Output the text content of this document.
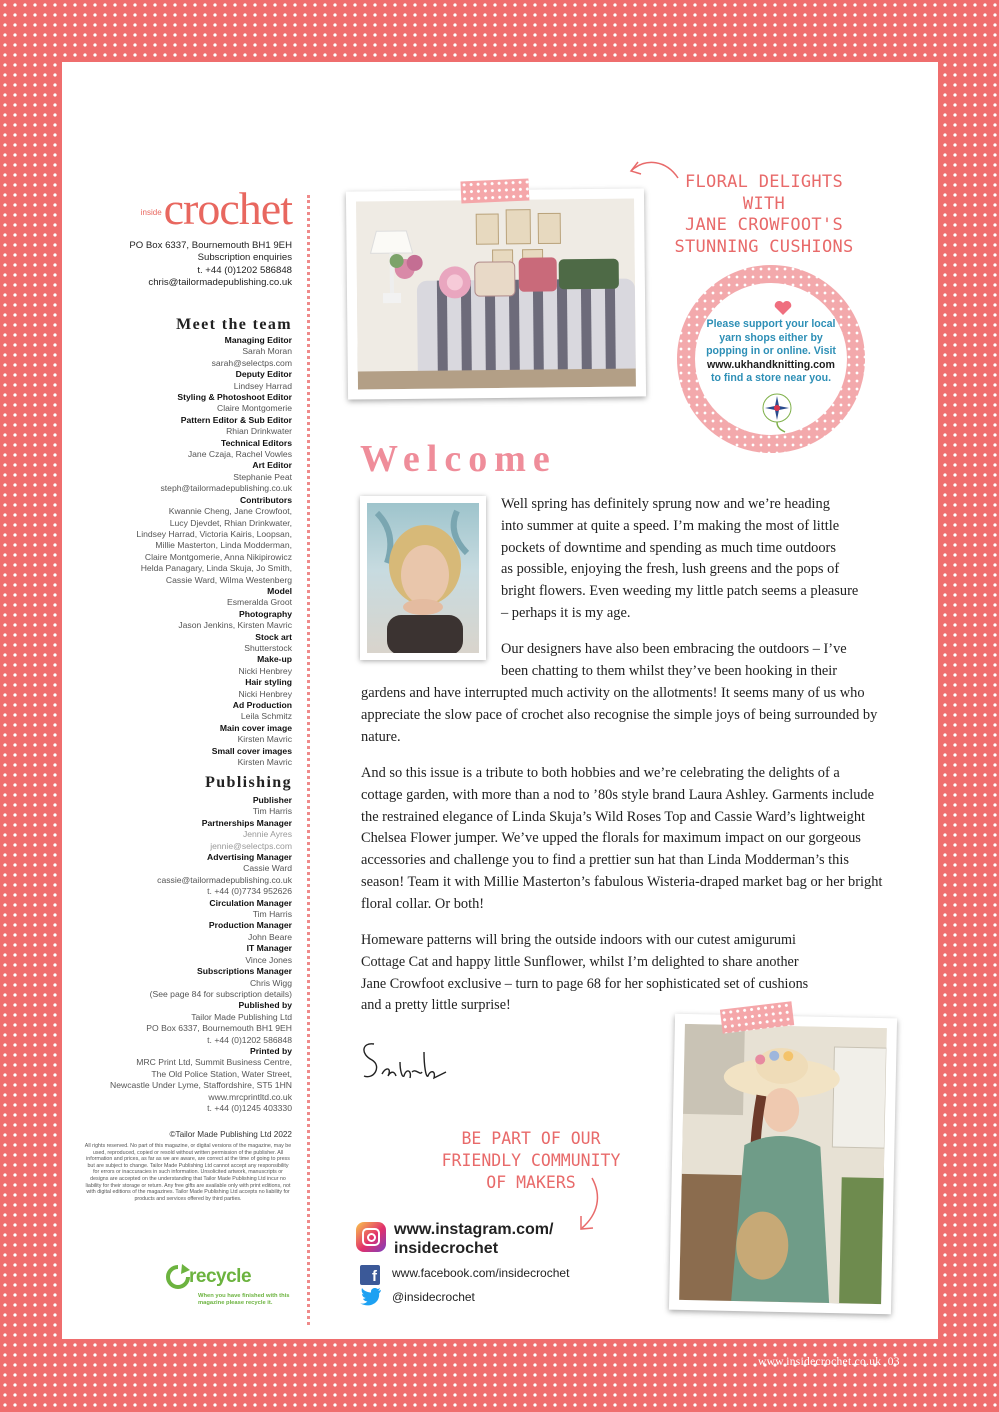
insidecrochet
PO Box 6337, Bournemouth BH1 9EH
Subscription enquiries
t. +44 (0)1202 586848
chris@tailormadepublishing.co.uk
Meet the team
Managing Editor
Sarah Moran
sarah@selectps.com
Deputy Editor
Lindsey Harrad
Styling & Photoshoot Editor
Claire Montgomerie
Pattern Editor & Sub Editor
Rhian Drinkwater
Technical Editors
Jane Czaja, Rachel Vowles
Art Editor
Stephanie Peat
steph@tailormadepublishing.co.uk
Contributors
Kwannie Cheng, Jane Crowfoot,
Lucy Djevdet, Rhian Drinkwater,
Lindsey Harrad, Victoria Kairis, Loopsan,
Millie Masterton, Linda Modderman,
Claire Montgomerie, Anna Nikipirowicz
Helda Panagary, Linda Skuja, Jo Smith,
Cassie Ward, Wilma Westenberg
Model
Esmeralda Groot
Photography
Jason Jenkins, Kirsten Mavric
Stock art
Shutterstock
Make-up
Nicki Henbrey
Hair styling
Nicki Henbrey
Ad Production
Leila Schmitz
Main cover image
Kirsten Mavric
Small cover images
Kirsten Mavric
Publishing
Publisher
Tim Harris
Partnerships Manager
Jennie Ayres
jennie@selectps.com
Advertising Manager
Cassie Ward
cassie@tailormadepublishing.co.uk
t. +44 (0)7734 952626
Circulation Manager
Tim Harris
Production Manager
John Beare
IT Manager
Vince Jones
Subscriptions Manager
Chris Wigg
(See page 84 for subscription details)
Published by
Tailor Made Publishing Ltd
PO Box 6337, Bournemouth BH1 9EH
t. +44 (0)1202 586848
Printed by
MRC Print Ltd, Summit Business Centre,
The Old Police Station, Water Street,
Newcastle Under Lyme, Staffordshire, ST5 1HN
www.mrcprintltd.co.uk
t. +44 (0)1245 403330
©Tailor Made Publishing Ltd 2022
All rights reserved. No part of this magazine, or digital versions of the magazine, may be used, reproduced, copied or resold without written permission of the publisher. All information and prices, as far as we are aware, are correct at the time of going to press but are subject to change. Tailor Made Publishing Ltd cannot accept any responsibility for errors or inaccuracies in such information. Unsolicited artwork, manuscripts or designs are accepted on the understanding that Tailor Made Publishing Ltd incur no liability for their storage or return. Any free gifts are available only with print editions, not with digital editions of the magazines. Tailor Made Publishing Ltd accepts no liability for products and services offered by third parties.
recycle
When you have finished with this magazine please recycle it.
FLORAL DELIGHTS WITH
JANE CROWFOOT'S
STUNNING CUSHIONS
Please support your local yarn shops either by popping in or online. Visit
www.ukhandknitting.com
to find a store near you.
Welcome
Well spring has definitely sprung now and we’re heading
into summer at quite a speed. I’m making the most of little
pockets of downtime and spending as much time outdoors
as possible, enjoying the fresh, lush greens and the pops of
bright flowers. Even weeding my little patch seems a pleasure
– perhaps it is my age.
Our designers have also been embracing the outdoors – I’ve
been chatting to them whilst they’ve been hooking in their
gardens and have interrupted much activity on the allotments! It seems many of us who appreciate the slow pace of crochet also recognise the simple joys of being surrounded by nature.
And so this issue is a tribute to both hobbies and we’re celebrating the delights of a cottage garden, with more than a nod to ’80s style brand Laura Ashley. Garments include the restrained elegance of Linda Skuja’s Wild Roses Top and Cassie Ward’s lightweight Chelsea Flower jumper. We’ve upped the florals for maximum impact on our gorgeous accessories and challenge you to find a prettier sun hat than Linda Modderman’s this season! Team it with Millie Masterton’s fabulous Wisteria-draped market bag or her bright floral collar. Or both!
Homeware patterns will bring the outside indoors with our cutest amigurumi
Cottage Cat and happy little Sunflower, whilst I’m delighted to share another
Jane Crowfoot exclusive – turn to page 68 for her sophisticated set of cushions
and a pretty little surprise!
BE PART OF OUR
FRIENDLY COMMUNITY
OF MAKERS
www.instagram.com/
insidecrochet
f www.facebook.com/insidecrochet
@insidecrochet
www.insidecrochet.co.uk 03
